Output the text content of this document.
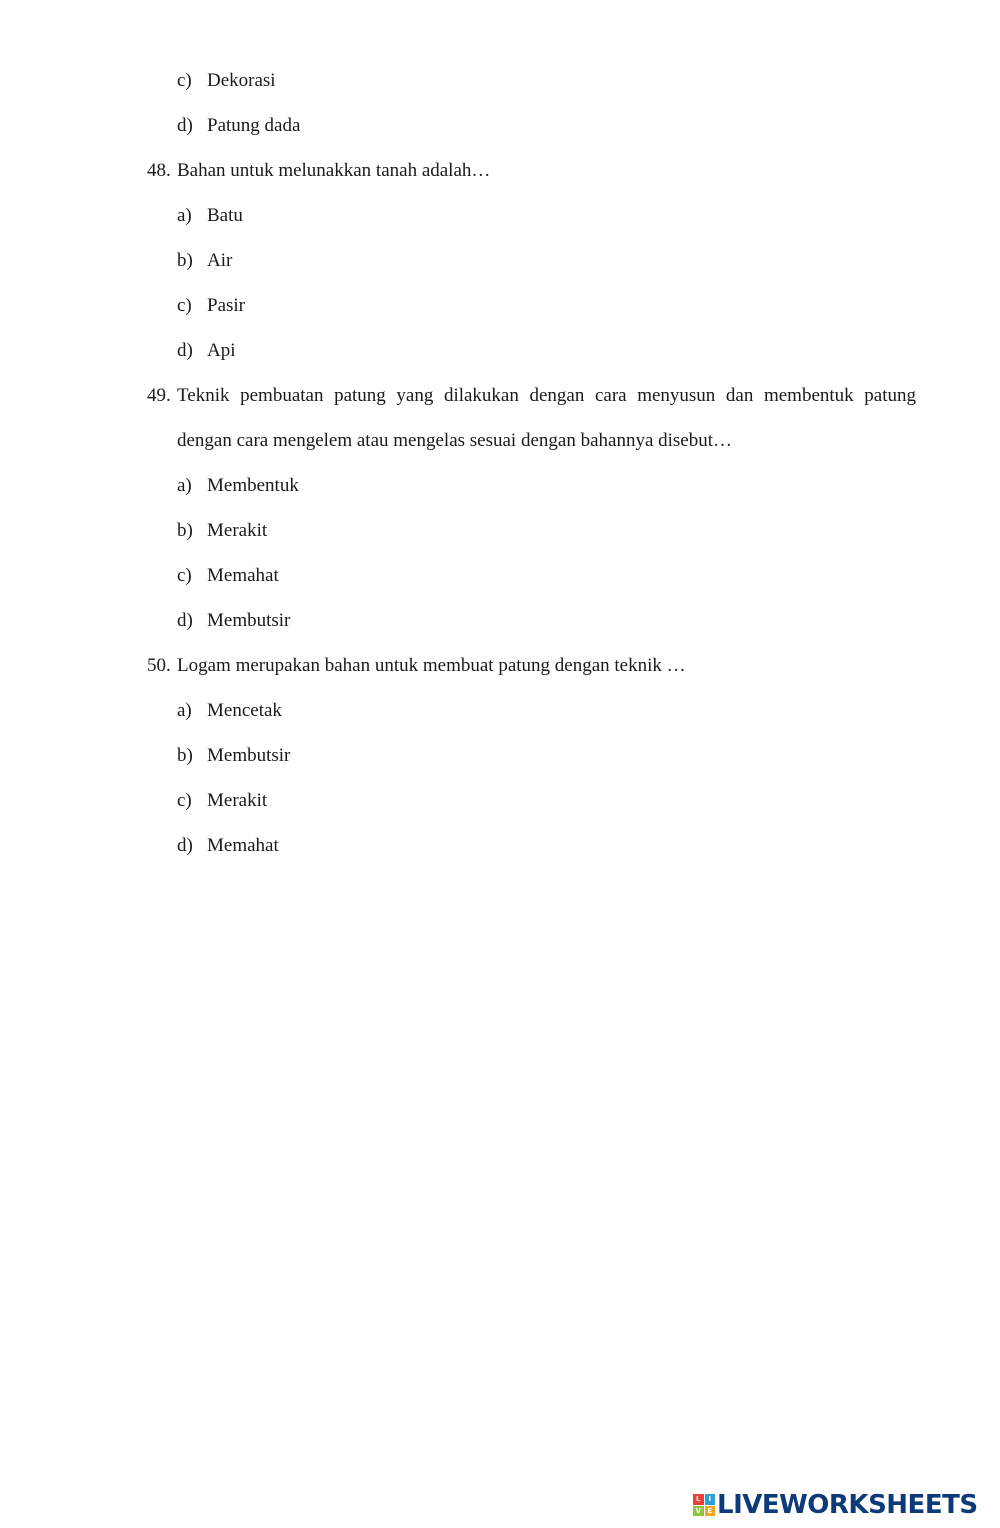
c) Dekorasi
d) Patung dada
48. Bahan untuk melunakkan tanah adalah…
a) Batu
b) Air
c) Pasir
d) Api
49. Teknik pembuatan patung yang dilakukan dengan cara menyusun dan membentuk patung
dengan cara mengelem atau mengelas sesuai dengan bahannya disebut…
a) Membentuk
b) Merakit
c) Memahat
d) Membutsir
50. Logam merupakan bahan untuk membuat patung dengan teknik …
a) Mencetak
b) Membutsir
c) Merakit
d) Memahat
L	I
V E LIVEWORKSHEETS
